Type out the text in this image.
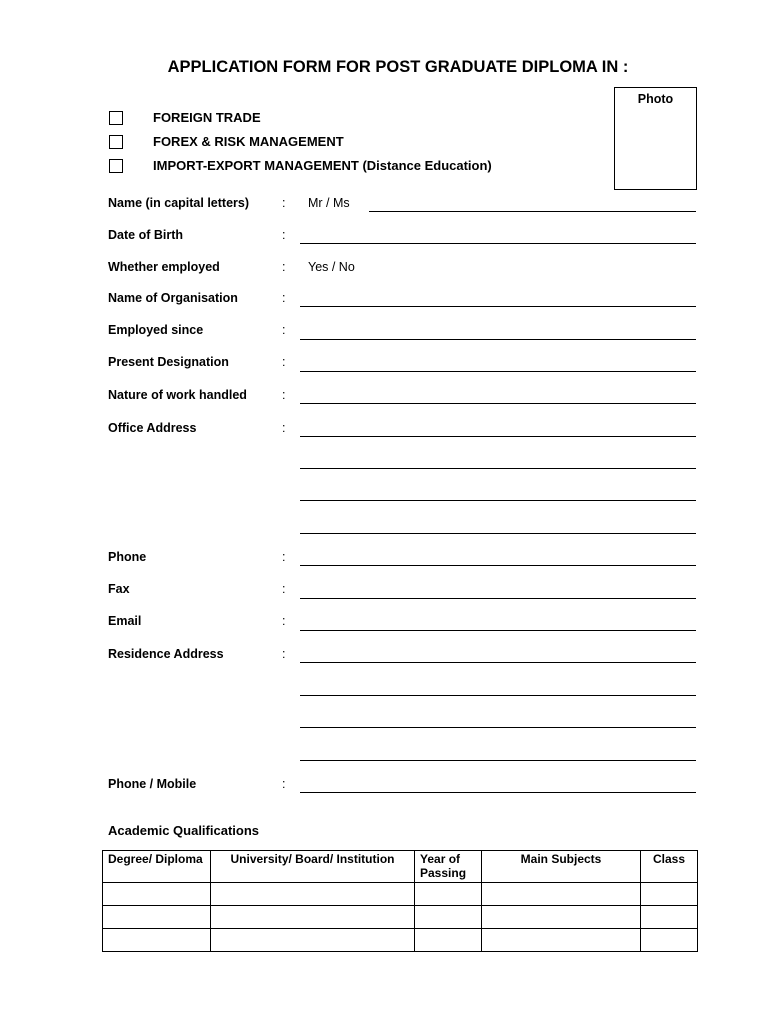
APPLICATION FORM FOR POST GRADUATE DIPLOMA IN :
Photo
FOREIGN TRADE
FOREX & RISK MANAGEMENT
IMPORT-EXPORT MANAGEMENT (Distance Education)
Name (in capital letters)	: Mr / Ms
Date of Birth	:
Whether employed	: Yes / No
Name of Organisation	:
Employed since	:
Present Designation	:
Nature of work handled	:
Office Address	:
Phone	:
Fax	:
Email	:
Residence Address	:
Phone / Mobile	:
Academic Qualifications
Degree/ Diploma	University/ Board/ Institution	Year of Passing	Main Subjects	Class
